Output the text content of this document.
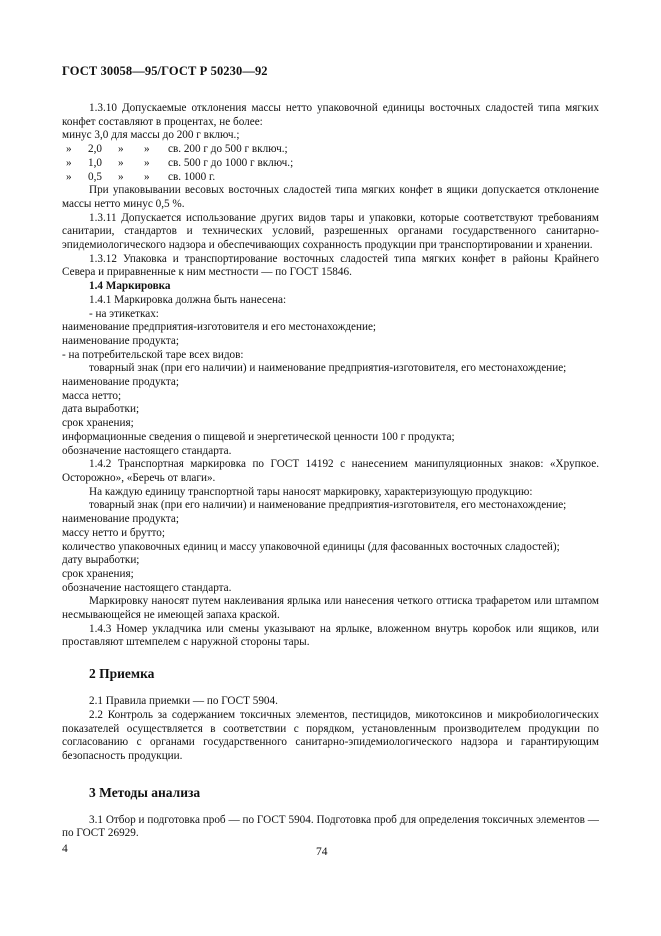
ГОСТ 30058—95/ГОСТ Р 50230—92

1.3.10 Допускаемые отклонения массы нетто упаковочной единицы восточных сладостей типа мягких конфет составляют в процентах, не более:

минус 3,0 для массы до 200 г включ.;

»	2,0	»	»	св. 200 г до 500 г включ.;
»	1,0	»	»	св. 500 г до 1000 г включ.;
»	0,5	»	»	св. 1000 г.

При упаковывании весовых восточных сладостей типа мягких конфет в ящики допускается отклонение массы нетто минус 0,5 %.

1.3.11 Допускается использование других видов тары и упаковки, которые соответствуют требованиям санитарии, стандартов и технических условий, разрешенных органами государственного санитарно-эпидемиологического надзора и обеспечивающих сохранность продукции при транспортировании и хранении.

1.3.12 Упаковка и транспортирование восточных сладостей типа мягких конфет в районы Крайнего Севера и приравненные к ним местности — по ГОСТ 15846.

1.4 Маркировка

1.4.1 Маркировка должна быть нанесена:

- на этикетках:

наименование предприятия-изготовителя и его местонахождение;

наименование продукта;

- на потребительской таре всех видов:

товарный знак (при его наличии) и наименование предприятия-изготовителя, его местонахождение;

наименование продукта;

масса нетто;

дата выработки;

срок хранения;

информационные сведения о пищевой и энергетической ценности 100 г продукта;

обозначение настоящего стандарта.

1.4.2 Транспортная маркировка по ГОСТ 14192 с нанесением манипуляционных знаков: «Хрупкое. Осторожно», «Беречь от влаги».

На каждую единицу транспортной тары наносят маркировку, характеризующую продукцию:

товарный знак (при его наличии) и наименование предприятия-изготовителя, его местонахождение;

наименование продукта;

массу нетто и брутто;

количество упаковочных единиц и массу упаковочной единицы (для фасованных восточных сладостей);

дату выработки;

срок хранения;

обозначение настоящего стандарта.

Маркировку наносят путем наклеивания ярлыка или нанесения четкого оттиска трафаретом или штампом несмывающейся не имеющей запаха краской.

1.4.3 Номер укладчика или смены указывают на ярлыке, вложенном внутрь коробок или ящиков, или проставляют штемпелем с наружной стороны тары.

2 Приемка

2.1 Правила приемки — по ГОСТ 5904.

2.2 Контроль за содержанием токсичных элементов, пестицидов, микотоксинов и микробиологических показателей осуществляется в соответствии с порядком, установленным производителем продукции по согласованию с органами государственного санитарно-эпидемиологического надзора и гарантирующим безопасность продукции.

3 Методы анализа

3.1 Отбор и подготовка проб — по ГОСТ 5904. Подготовка проб для определения токсичных элементов — по ГОСТ 26929.

4	74
